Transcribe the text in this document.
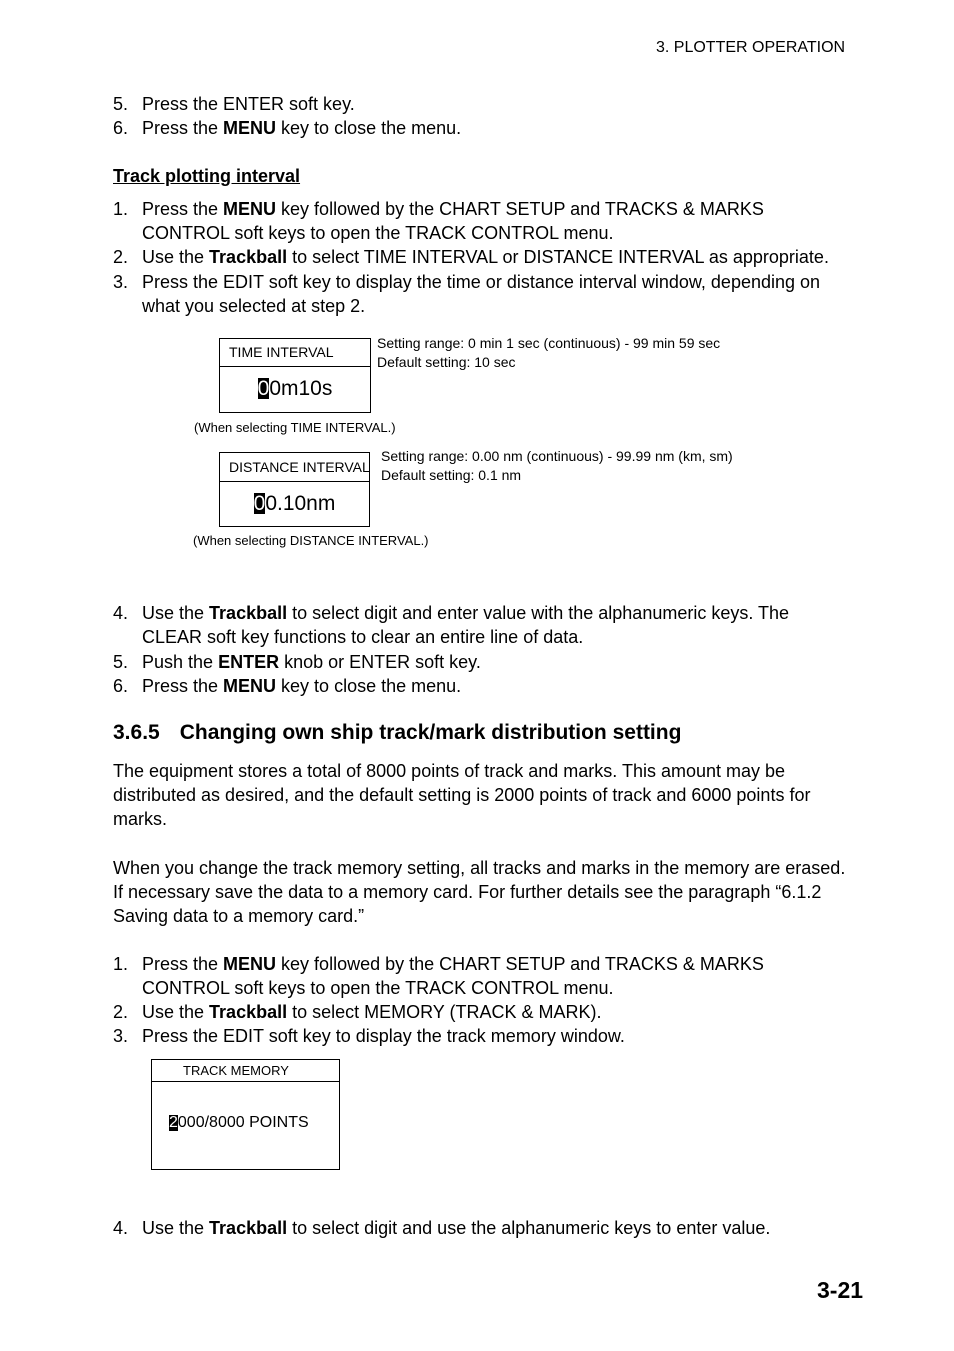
3. PLOTTER OPERATION
5. Press the ENTER soft key.
6. Press the MENU key to close the menu.
Track plotting interval
1. Press the MENU key followed by the CHART SETUP and TRACKS & MARKS
CONTROL soft keys to open the TRACK CONTROL menu.
2. Use the Trackball to select TIME INTERVAL or DISTANCE INTERVAL as appropriate.
3. Press the EDIT soft key to display the time or distance interval window, depending on
what you selected at step 2.
TIME INTERVAL
00m10s
Setting range: 0 min 1 sec (continuous) - 99 min 59 sec
Default setting: 10 sec
(When selecting TIME INTERVAL.)
DISTANCE INTERVAL
00.10nm
Setting range: 0.00 nm (continuous) - 99.99 nm (km, sm)
Default setting: 0.1 nm
(When selecting DISTANCE INTERVAL.)
4. Use the Trackball to select digit and enter value with the alphanumeric keys. The
CLEAR soft key functions to clear an entire line of data.
5. Push the ENTER knob or ENTER soft key.
6. Press the MENU key to close the menu.
3.6.5 Changing own ship track/mark distribution setting
The equipment stores a total of 8000 points of track and marks. This amount may be
distributed as desired, and the default setting is 2000 points of track and 6000 points for
marks.
When you change the track memory setting, all tracks and marks in the memory are erased.
If necessary save the data to a memory card. For further details see the paragraph “6.1.2
Saving data to a memory card.”
1. Press the MENU key followed by the CHART SETUP and TRACKS & MARKS
CONTROL soft keys to open the TRACK CONTROL menu.
2. Use the Trackball to select MEMORY (TRACK & MARK).
3. Press the EDIT soft key to display the track memory window.
TRACK MEMORY
2000/8000 POINTS
4. Use the Trackball to select digit and use the alphanumeric keys to enter value.
3-21
